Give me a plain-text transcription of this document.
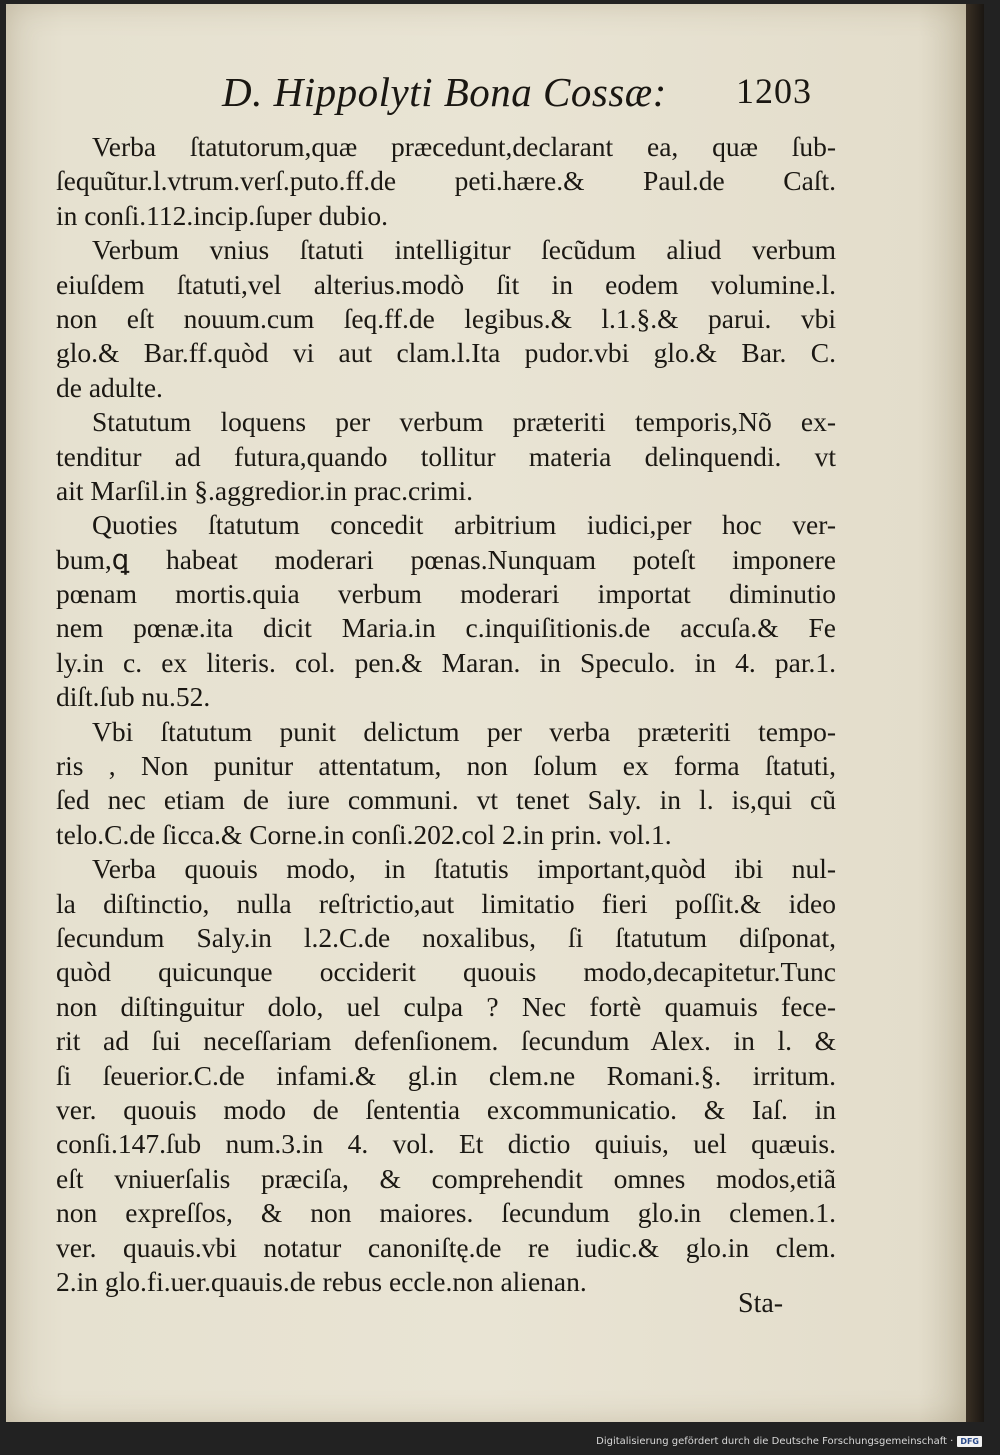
D. Hippolyti Bona Cossæ: 1203
Verba ſtatutorum,quæ præcedunt,declarant ea, quæ ſub-
ſequũtur.l.vtrum.verſ.puto.ff.de peti.hære.& Paul.de Caſt.
in conſi.112.incip.ſuper dubio.
Verbum vnius ſtatuti intelligitur ſecũdum aliud verbum
eiuſdem ſtatuti,vel alterius.modò ſit in eodem volumine.l.
non eſt nouum.cum ſeq.ff.de legibus.& l.1.§.& parui. vbi
glo.& Bar.ff.quòd vi aut clam.l.Ita pudor.vbi glo.& Bar. C.
de adulte.
Statutum loquens per verbum præteriti temporis,Nõ ex-
tenditur ad futura,quando tollitur materia delinquendi. vt
ait Marſil.in §.aggredior.in prac.crimi.
Quoties ſtatutum concedit arbitrium iudici,per hoc ver-
bum,ꝗ habeat moderari pœnas.Nunquam poteſt imponere
pœnam mortis.quia verbum moderari importat diminutio
nem pœnæ.ita dicit Maria.in c.inquiſitionis.de accuſa.& Fe
ly.in c. ex literis. col. pen.& Maran. in Speculo. in 4. par.1.
diſt.ſub nu.52.
Vbi ſtatutum punit delictum per verba præteriti tempo-
ris , Non punitur attentatum, non ſolum ex forma ſtatuti,
ſed nec etiam de iure communi. vt tenet Saly. in l. is,qui cũ
telo.C.de ſicca.& Corne.in conſi.202.col 2.in prin. vol.1.
Verba quouis modo, in ſtatutis important,quòd ibi nul-
la diſtinctio, nulla reſtrictio,aut limitatio fieri poſſit.& ideo
ſecundum Saly.in l.2.C.de noxalibus, ſi ſtatutum diſponat,
quòd quicunque occiderit quouis modo,decapitetur.Tunc
non diſtinguitur dolo, uel culpa ? Nec fortè quamuis fece-
rit ad ſui neceſſariam defenſionem. ſecundum Alex. in l. &
ſi ſeuerior.C.de infami.& gl.in clem.ne Romani.§. irritum.
ver. quouis modo de ſententia excommunicatio. & Iaſ. in
conſi.147.ſub num.3.in 4. vol. Et dictio quiuis, uel quæuis.
eſt vniuerſalis præciſa, & comprehendit omnes modos,etiã
non expreſſos, & non maiores. ſecundum glo.in clemen.1.
ver. quauis.vbi notatur canoniſtę.de re iudic.& glo.in clem.
2.in glo.fi.uer.quauis.de rebus eccle.non alienan.
Sta-
Digitalisierung gefördert durch die Deutsche Forschungsgemeinschaft · DFG
